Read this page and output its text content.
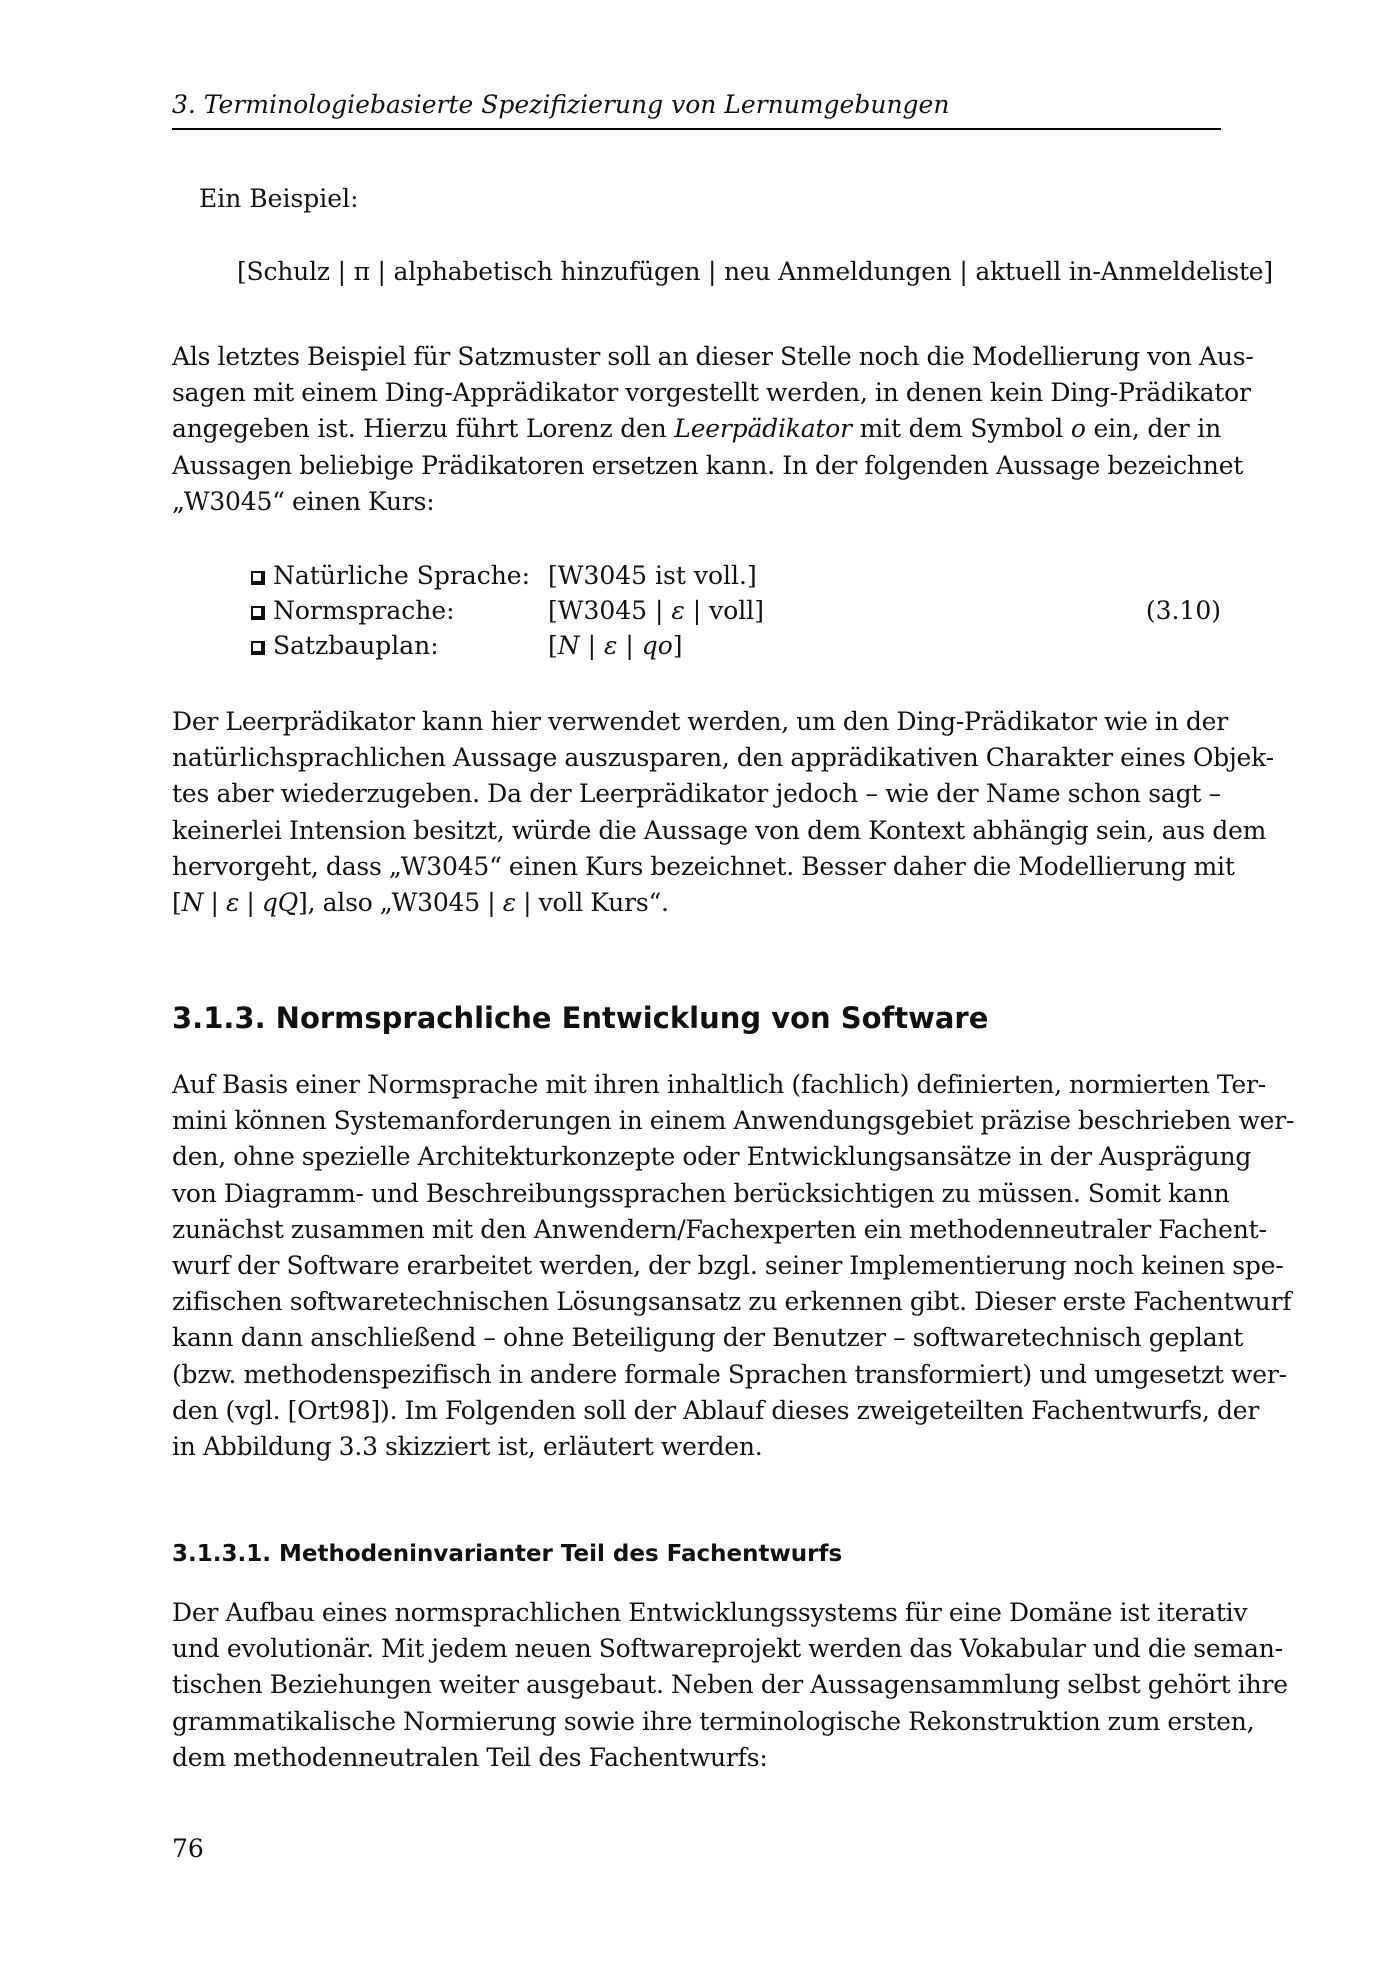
3. Terminologiebasierte Spezifizierung von Lernumgebungen
Ein Beispiel:
[Schulz | π | alphabetisch hinzufügen | neu Anmeldungen | aktuell in-Anmeldeliste]
Als letztes Beispiel für Satzmuster soll an dieser Stelle noch die Modellierung von Aus-
sagen mit einem Ding-Apprädikator vorgestellt werden, in denen kein Ding-Prädikator
angegeben ist. Hierzu führt Lorenz den Leerpädikator mit dem Symbol o ein, der in
Aussagen beliebige Prädikatoren ersetzen kann. In der folgenden Aussage bezeichnet
„W3045“ einen Kurs:
Natürliche Sprache: [W3045 ist voll.]
Normsprache:	[W3045 | ε | voll]	(3.10)
Satzbauplan:	[N | ε | qo]
Der Leerprädikator kann hier verwendet werden, um den Ding-Prädikator wie in der
natürlichsprachlichen Aussage auszusparen, den apprädikativen Charakter eines Objek-
tes aber wiederzugeben. Da der Leerprädikator jedoch – wie der Name schon sagt –
keinerlei Intension besitzt, würde die Aussage von dem Kontext abhängig sein, aus dem
hervorgeht, dass „W3045“ einen Kurs bezeichnet. Besser daher die Modellierung mit
[N | ε | qQ], also „W3045 | ε | voll Kurs“.
3.1.3. Normsprachliche Entwicklung von Software
Auf Basis einer Normsprache mit ihren inhaltlich (fachlich) definierten, normierten Ter-
mini können Systemanforderungen in einem Anwendungsgebiet präzise beschrieben wer-
den, ohne spezielle Architekturkonzepte oder Entwicklungsansätze in der Ausprägung
von Diagramm- und Beschreibungssprachen berücksichtigen zu müssen. Somit kann
zunächst zusammen mit den Anwendern/Fachexperten ein methodenneutraler Fachent-
wurf der Software erarbeitet werden, der bzgl. seiner Implementierung noch keinen spe-
zifischen softwaretechnischen Lösungsansatz zu erkennen gibt. Dieser erste Fachentwurf
kann dann anschließend – ohne Beteiligung der Benutzer – softwaretechnisch geplant
(bzw. methodenspezifisch in andere formale Sprachen transformiert) und umgesetzt wer-
den (vgl. [Ort98]). Im Folgenden soll der Ablauf dieses zweigeteilten Fachentwurfs, der
in Abbildung 3.3 skizziert ist, erläutert werden.
3.1.3.1. Methodeninvarianter Teil des Fachentwurfs
Der Aufbau eines normsprachlichen Entwicklungssystems für eine Domäne ist iterativ
und evolutionär. Mit jedem neuen Softwareprojekt werden das Vokabular und die seman-
tischen Beziehungen weiter ausgebaut. Neben der Aussagensammlung selbst gehört ihre
grammatikalische Normierung sowie ihre terminologische Rekonstruktion zum ersten,
dem methodenneutralen Teil des Fachentwurfs:
76
